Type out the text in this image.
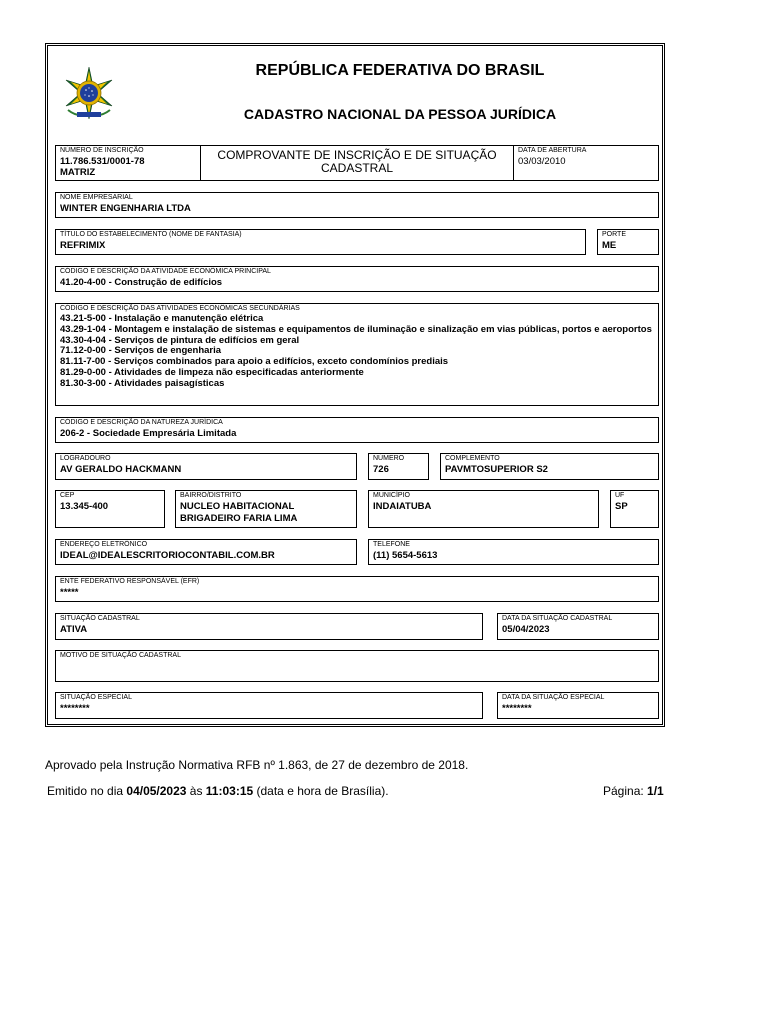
REPÚBLICA FEDERATIVA DO BRASIL
CADASTRO NACIONAL DA PESSOA JURÍDICA
NÚMERO DE INSCRIÇÃO
11.786.531/0001-78
MATRIZ
COMPROVANTE DE INSCRIÇÃO E DE SITUAÇÃO
CADASTRAL
DATA DE ABERTURA
03/03/2010
NOME EMPRESARIAL
WINTER ENGENHARIA LTDA
TÍTULO DO ESTABELECIMENTO (NOME DE FANTASIA)
REFRIMIX
PORTE
ME
CÓDIGO E DESCRIÇÃO DA ATIVIDADE ECONÔMICA PRINCIPAL
41.20-4-00 - Construção de edifícios
CÓDIGO E DESCRIÇÃO DAS ATIVIDADES ECONÔMICAS SECUNDÁRIAS
43.21-5-00 - Instalação e manutenção elétrica
43.29-1-04 - Montagem e instalação de sistemas e equipamentos de iluminação e sinalização em vias públicas, portos e aeroportos
43.30-4-04 - Serviços de pintura de edifícios em geral
71.12-0-00 - Serviços de engenharia
81.11-7-00 - Serviços combinados para apoio a edifícios, exceto condomínios prediais
81.29-0-00 - Atividades de limpeza não especificadas anteriormente
81.30-3-00 - Atividades paisagísticas
CÓDIGO E DESCRIÇÃO DA NATUREZA JURÍDICA
206-2 - Sociedade Empresária Limitada
LOGRADOURO
AV GERALDO HACKMANN
NÚMERO
726
COMPLEMENTO
PAVMTOSUPERIOR S2
CEP
13.345-400
BAIRRO/DISTRITO
NUCLEO HABITACIONAL
BRIGADEIRO FARIA LIMA
MUNICÍPIO
INDAIATUBA
UF
SP
ENDEREÇO ELETRÔNICO
IDEAL@IDEALESCRITORIOCONTABIL.COM.BR
TELEFONE
(11) 5654-5613
ENTE FEDERATIVO RESPONSÁVEL (EFR)
*****
SITUAÇÃO CADASTRAL
ATIVA
DATA DA SITUAÇÃO CADASTRAL
05/04/2023
MOTIVO DE SITUAÇÃO CADASTRAL
SITUAÇÃO ESPECIAL
********
DATA DA SITUAÇÃO ESPECIAL
********
Aprovado pela Instrução Normativa RFB nº 1.863, de 27 de dezembro de 2018.
Emitido no dia 04/05/2023 às 11:03:15 (data e hora de Brasília).	Página: 1/1
